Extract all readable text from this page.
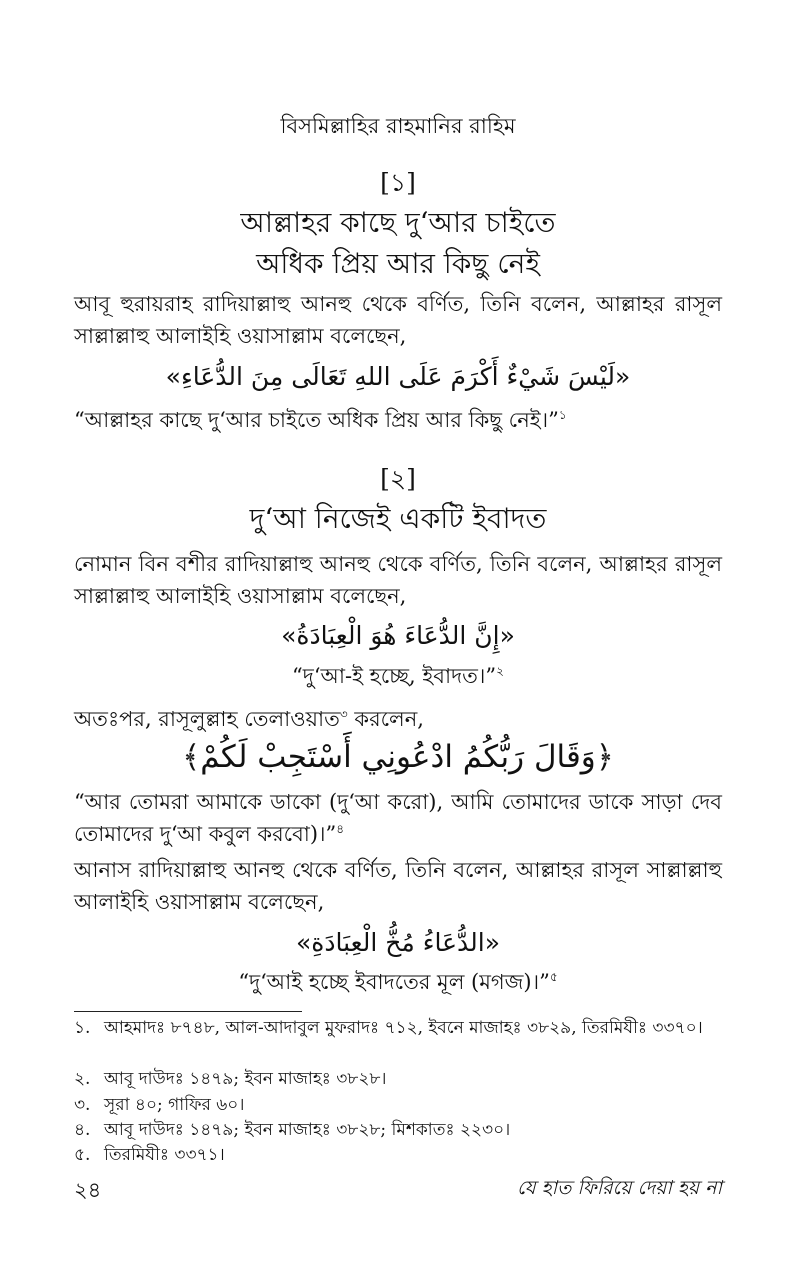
বিসমিল্লাহির রাহমানির রাহিম
[১]
আল্লাহর কাছে দু‘আর চাইতে
অধিক প্রিয় আর কিছু নেই
আবূ হুরায়রাহ রাদিয়াল্লাহু আনহু থেকে বর্ণিত, তিনি বলেন, আল্লাহর রাসূল সাল্লাল্লাহু আলাইহি ওয়াসাল্লাম বলেছেন,
«لَيْسَ شَيْءٌ أَكْرَمَ عَلَى اللهِ تَعَالَى مِنَ الدُّعَاءِ»
“আল্লাহর কাছে দু‘আর চাইতে অধিক প্রিয় আর কিছু নেই।”$^১$
[২]
দু‘আ নিজেই একটি ইবাদত
নোমান বিন বশীর রাদিয়াল্লাহু আনহু থেকে বর্ণিত, তিনি বলেন, আল্লাহর রাসূল সাল্লাল্লাহু আলাইহি ওয়াসাল্লাম বলেছেন,
«إِنَّ الدُّعَاءَ هُوَ الْعِبَادَةُ»
“দু‘আ-ই হচ্ছে, ইবাদত।”$^২$
অতঃপর, রাসূলুল্লাহ তেলাওয়াত$^৩$ করলেন,
﴿وَقَالَ رَبُّكُمُ ادْعُونِي أَسْتَجِبْ لَكُمْ﴾
“আর তোমরা আমাকে ডাকো (দু‘আ করো), আমি তোমাদের ডাকে সাড়া দেব তোমাদের দু‘আ কবুল করবো)।”$^৪$
আনাস রাদিয়াল্লাহু আনহু থেকে বর্ণিত, তিনি বলেন, আল্লাহর রাসূল সাল্লাল্লাহু আলাইহি ওয়াসাল্লাম বলেছেন,
«الدُّعَاءُ مُخُّ الْعِبَادَةِ»
“দু‘আই হচ্ছে ইবাদতের মূল (মগজ)।”$^৫$
১. আহমাদঃ ৮৭৪৮, আল-আদাবুল মুফরাদঃ ৭১২, ইবনে মাজাহঃ ৩৮২৯, তিরমিযীঃ ৩৩৭০।
২. আবূ দাউদঃ ১৪৭৯; ইবন মাজাহঃ ৩৮২৮।
৩. সূরা ৪০; গাফির ৬০।
৪. আবূ দাউদঃ ১৪৭৯; ইবন মাজাহঃ ৩৮২৮; মিশকাতঃ ২২৩০।
৫. তিরমিযীঃ ৩৩৭১।
২৪	যে হাত ফিরিয়ে দেয়া হয় না
